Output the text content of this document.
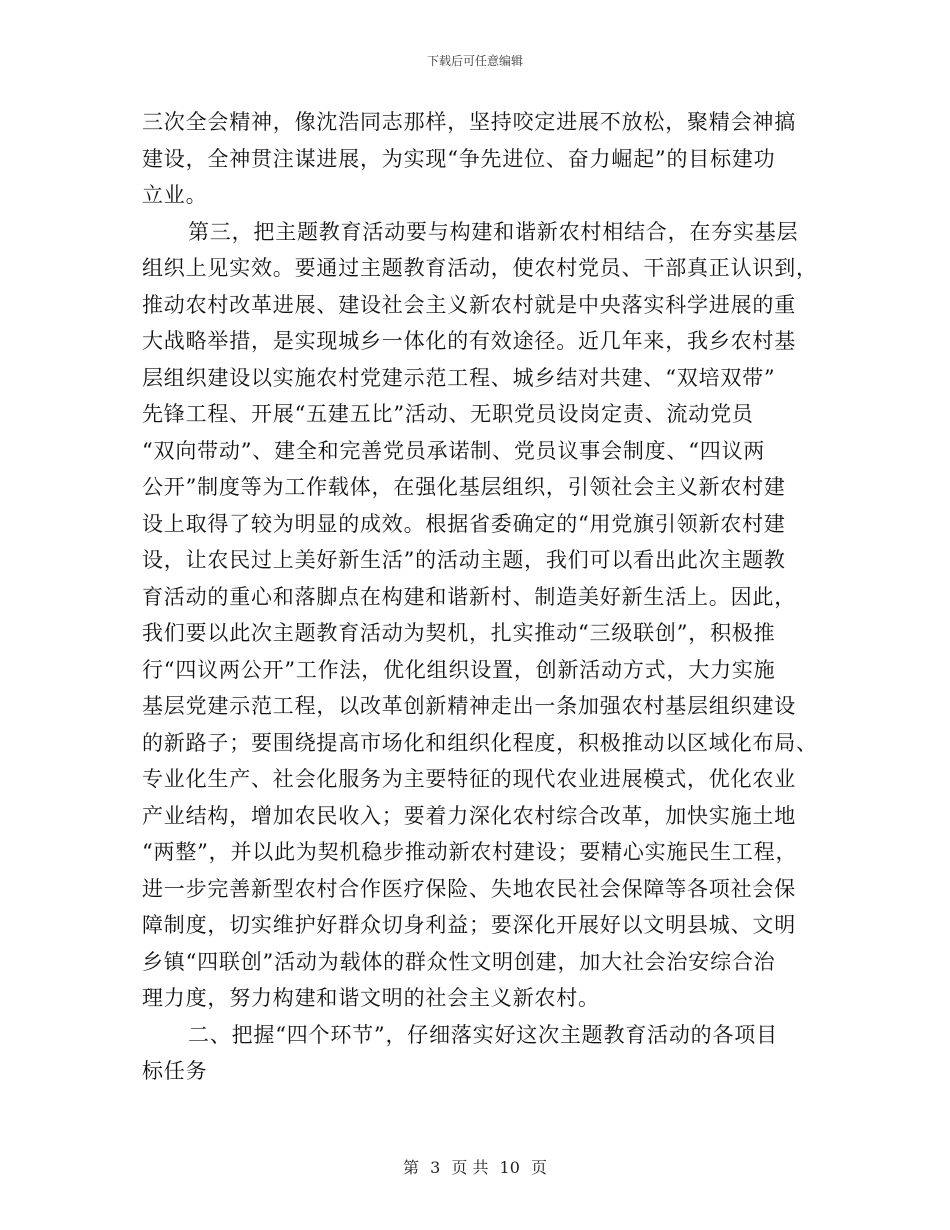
下载后可任意编辑
三次全会精神，像沈浩同志那样，坚持咬定进展不放松，聚精会神搞
建设，全神贯注谋进展，为实现“争先进位、奋力崛起”的目标建功
立业。
第三，把主题教育活动要与构建和谐新农村相结合，在夯实基层
组织上见实效。要通过主题教育活动，使农村党员、干部真正认识到，
推动农村改革进展、建设社会主义新农村就是中央落实科学进展的重
大战略举措，是实现城乡一体化的有效途径。近几年来，我乡农村基
层组织建设以实施农村党建示范工程、城乡结对共建、“双培双带”
先锋工程、开展“五建五比”活动、无职党员设岗定责、流动党员
“双向带动”、建全和完善党员承诺制、党员议事会制度、“四议两
公开”制度等为工作载体，在强化基层组织，引领社会主义新农村建
设上取得了较为明显的成效。根据省委确定的“用党旗引领新农村建
设，让农民过上美好新生活”的活动主题，我们可以看出此次主题教
育活动的重心和落脚点在构建和谐新村、制造美好新生活上。因此，
我们要以此次主题教育活动为契机，扎实推动“三级联创”，积极推
行“四议两公开”工作法，优化组织设置，创新活动方式，大力实施
基层党建示范工程，以改革创新精神走出一条加强农村基层组织建设
的新路子；要围绕提高市场化和组织化程度，积极推动以区域化布局、
专业化生产、社会化服务为主要特征的现代农业进展模式，优化农业
产业结构，增加农民收入；要着力深化农村综合改革，加快实施土地
“两整”，并以此为契机稳步推动新农村建设；要精心实施民生工程，
进一步完善新型农村合作医疗保险、失地农民社会保障等各项社会保
障制度，切实维护好群众切身利益；要深化开展好以文明县城、文明
乡镇“四联创”活动为载体的群众性文明创建，加大社会治安综合治
理力度，努力构建和谐文明的社会主义新农村。
二、把握“四个环节”，仔细落实好这次主题教育活动的各项目
标任务
第 3 页 共 10 页
